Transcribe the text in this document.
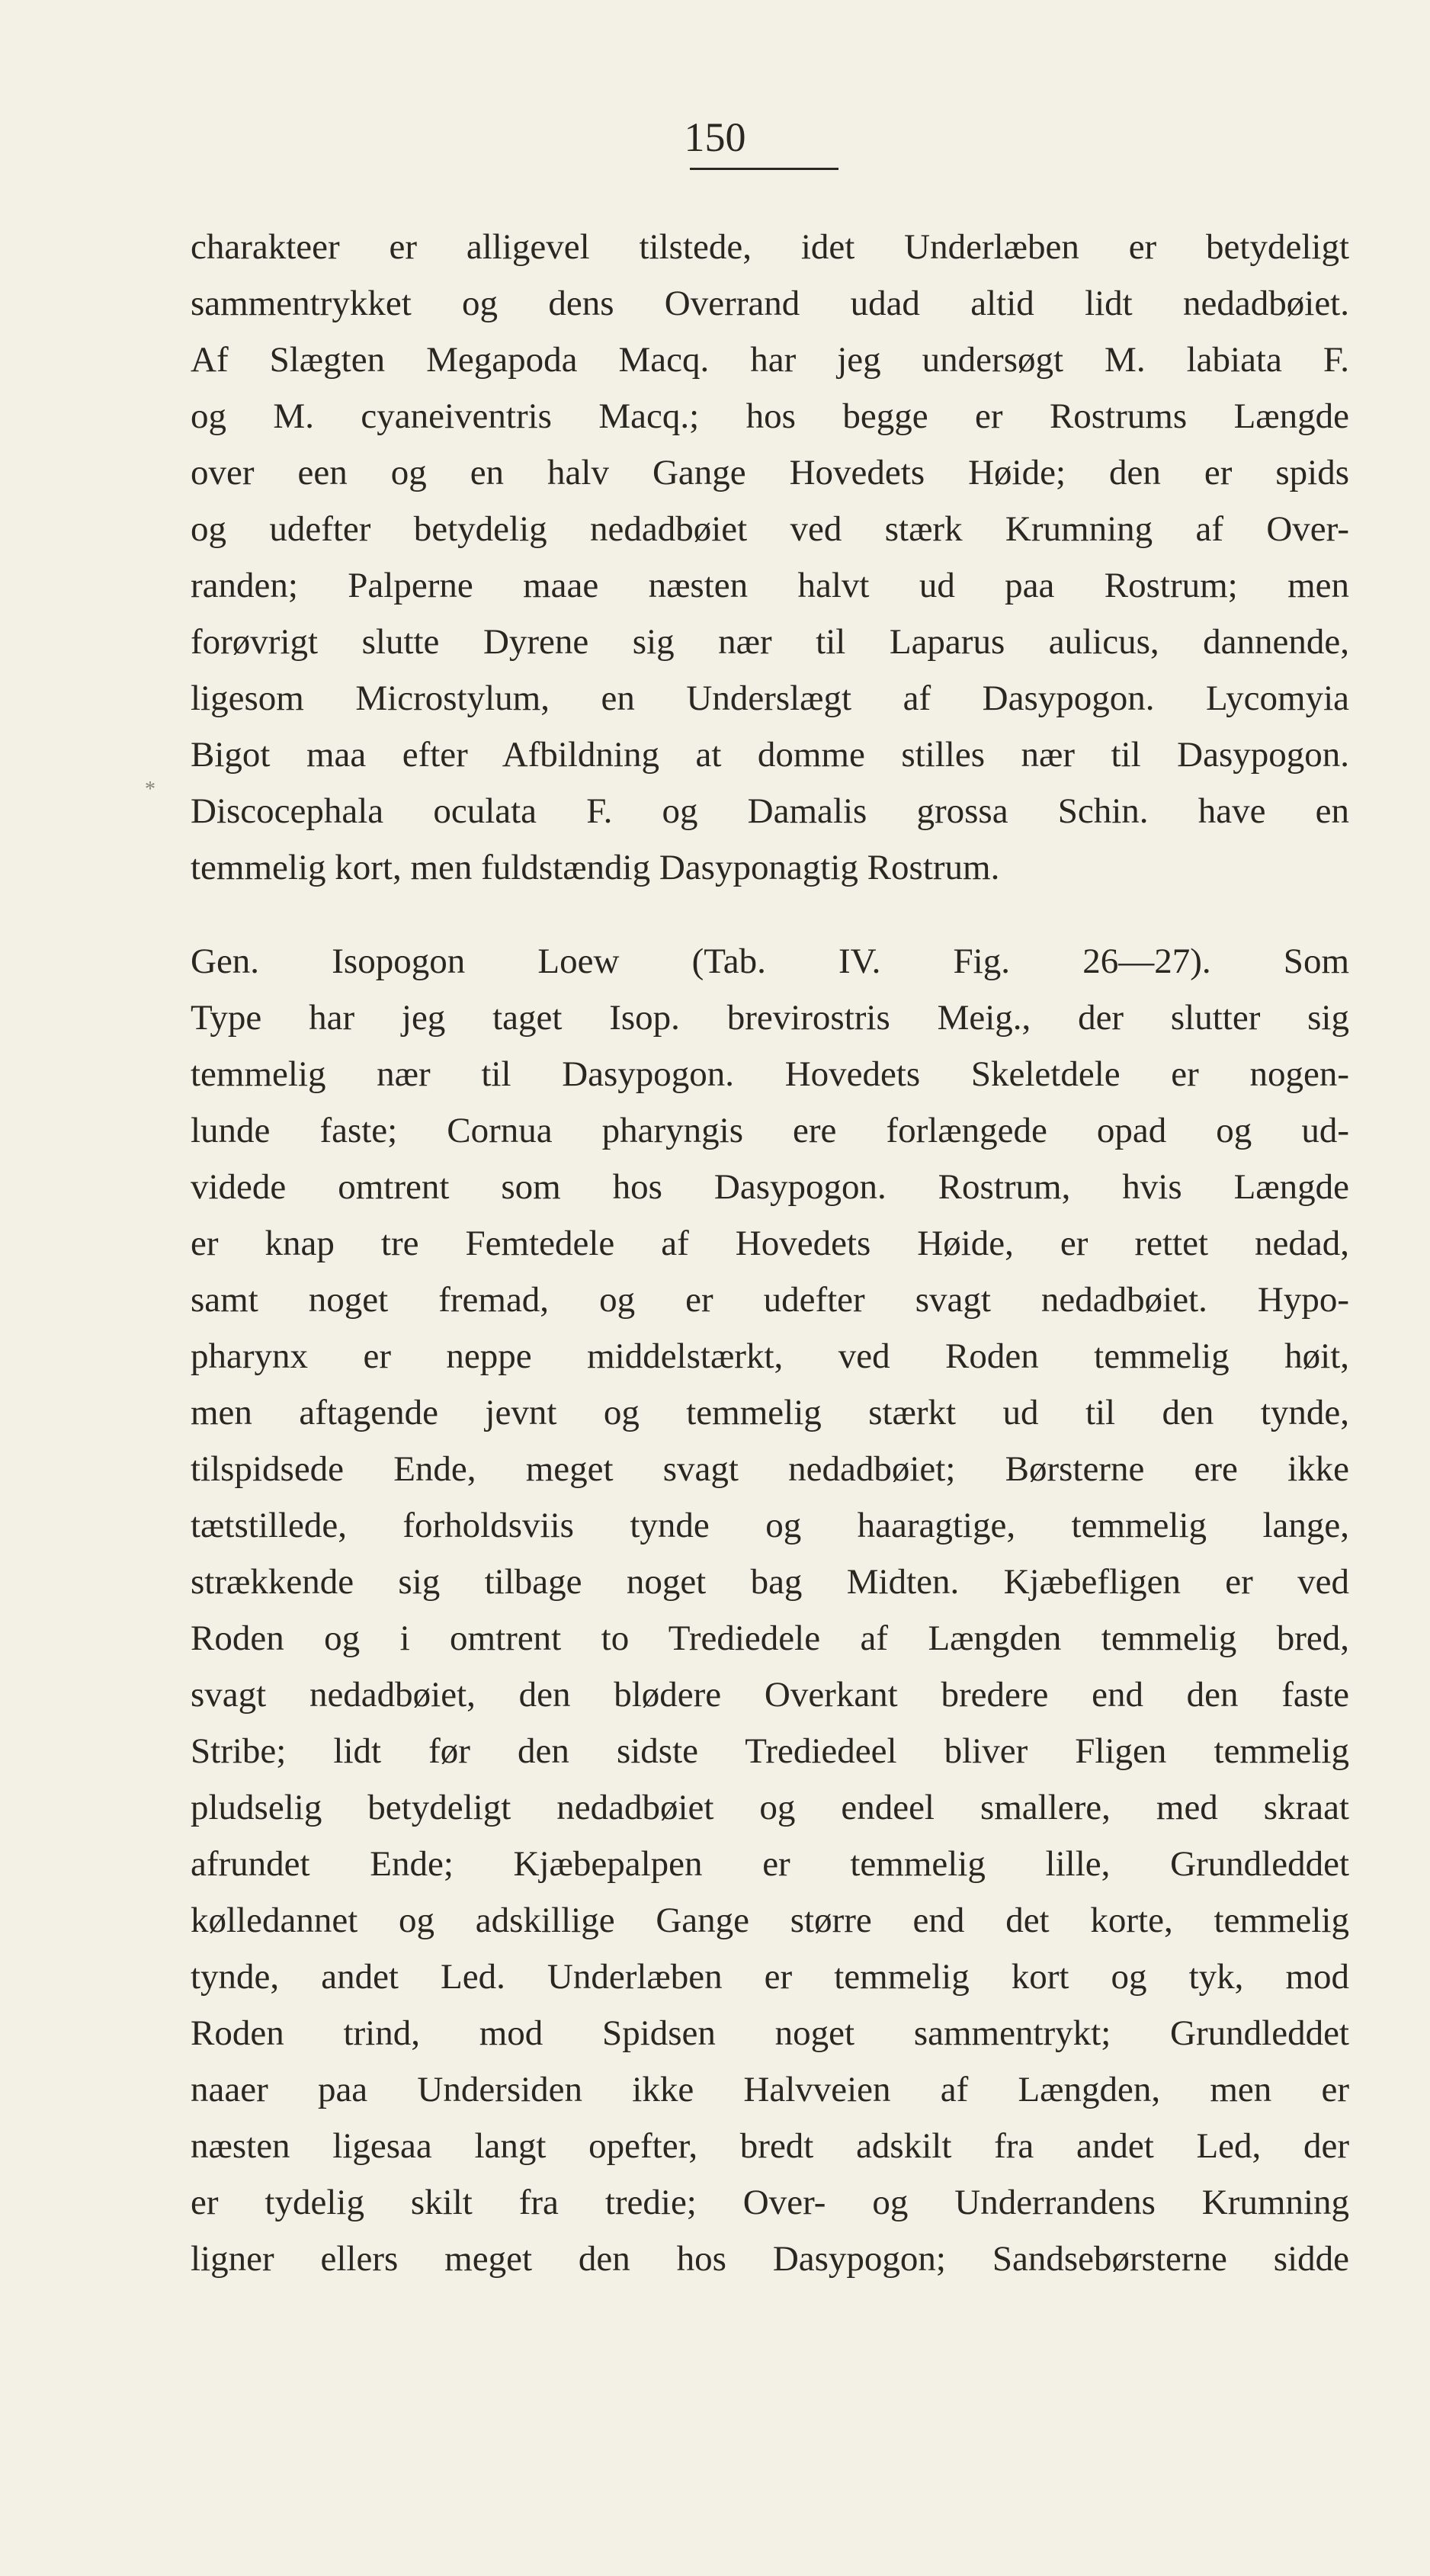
150
*
charakteer er alligevel tilstede, idet Underlæben er betydeligt
sammentrykket og dens Overrand udad altid lidt nedadbøiet.
Af Slægten Megapoda Macq. har jeg undersøgt M. labiata F.
og M. cyaneiventris Macq.; hos begge er Rostrums Længde
over een og en halv Gange Hovedets Høide; den er spids
og udefter betydelig nedadbøiet ved stærk Krumning af Over-
randen; Palperne maae næsten halvt ud paa Rostrum; men
forøvrigt slutte Dyrene sig nær til Laparus aulicus, dannende,
ligesom Microstylum, en Underslægt af Dasypogon. Lycomyia
Bigot maa efter Afbildning at domme stilles nær til Dasypogon.
Discocephala oculata F. og Damalis grossa Schin. have en
temmelig kort, men fuldstændig Dasyponagtig Rostrum.
Gen. Isopogon Loew (Tab. IV. Fig. 26—27). Som
Type har jeg taget Isop. brevirostris Meig., der slutter sig
temmelig nær til Dasypogon. Hovedets Skeletdele er nogen-
lunde faste; Cornua pharyngis ere forlængede opad og ud-
videde omtrent som hos Dasypogon. Rostrum, hvis Længde
er knap tre Femtedele af Hovedets Høide, er rettet nedad,
samt noget fremad, og er udefter svagt nedadbøiet. Hypo-
pharynx er neppe middelstærkt, ved Roden temmelig høit,
men aftagende jevnt og temmelig stærkt ud til den tynde,
tilspidsede Ende, meget svagt nedadbøiet; Børsterne ere ikke
tætstillede, forholdsviis tynde og haaragtige, temmelig lange,
strækkende sig tilbage noget bag Midten. Kjæbefligen er ved
Roden og i omtrent to Trediedele af Længden temmelig bred,
svagt nedadbøiet, den blødere Overkant bredere end den faste
Stribe; lidt før den sidste Trediedeel bliver Fligen temmelig
pludselig betydeligt nedadbøiet og endeel smallere, med skraat
afrundet Ende; Kjæbepalpen er temmelig lille, Grundleddet
kølledannet og adskillige Gange større end det korte, temmelig
tynde, andet Led. Underlæben er temmelig kort og tyk, mod
Roden trind, mod Spidsen noget sammentrykt; Grundleddet
naaer paa Undersiden ikke Halvveien af Længden, men er
næsten ligesaa langt opefter, bredt adskilt fra andet Led, der
er tydelig skilt fra tredie; Over- og Underrandens Krumning
ligner ellers meget den hos Dasypogon; Sandsebørsterne sidde
